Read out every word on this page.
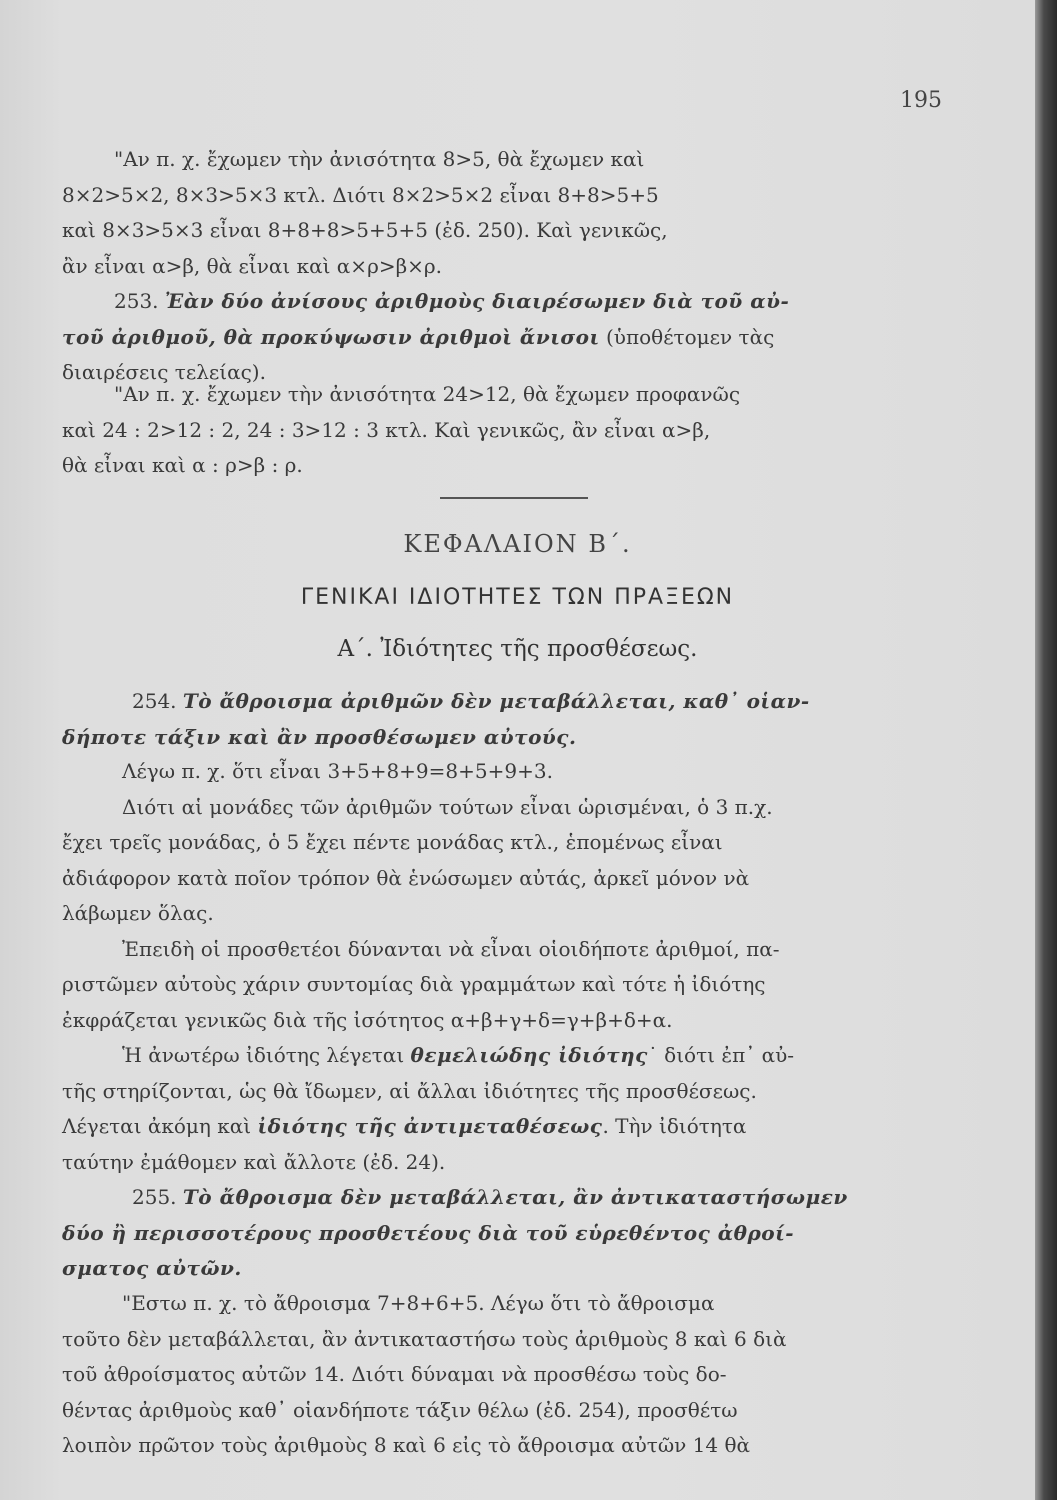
195
"Αν π. χ. ἔχωμεν τὴν ἀνισότητα 8>5, θὰ ἔχωμεν καὶ
8×2>5×2, 8×3>5×3 κτλ. Διότι 8×2>5×2 εἶναι 8+8>5+5
καὶ 8×3>5×3 εἶναι 8+8+8>5+5+5 (ἐδ. 250). Καὶ γενικῶς,
ἂν εἶναι α>β, θὰ εἶναι καὶ α×ρ>β×ρ.
253. Ἐὰν δύο ἀνίσους ἀριθμοὺς διαιρέσωμεν διὰ τοῦ αὐ-
τοῦ ἀριθμοῦ, θὰ προκύψωσιν ἀριθμοὶ ἄνισοι (ὑποθέτομεν τὰς
διαιρέσεις τελείας).
"Αν π. χ. ἔχωμεν τὴν ἀνισότητα 24>12, θὰ ἔχωμεν προφανῶς
καὶ 24 : 2>12 : 2, 24 : 3>12 : 3 κτλ. Καὶ γενικῶς, ἂν εἶναι α>β,
θὰ εἶναι καὶ α : ρ>β : ρ.
ΚΕΦΑΛΑΙΟΝ Β΄.
ΓΕΝΙΚΑΙ ΙΔΙΟΤΗΤΕΣ ΤΩΝ ΠΡΑΞΕΩΝ
Α΄. Ἰδιότητες τῆς προσθέσεως.
254. Τὸ ἄθροισμα ἀριθμῶν δὲν μεταβάλλεται, καθ᾽ οἱαν-
δήποτε τάξιν καὶ ἂν προσθέσωμεν αὐτούς.
Λέγω π. χ. ὅτι εἶναι 3+5+8+9=8+5+9+3.
Διότι αἱ μονάδες τῶν ἀριθμῶν τούτων εἶναι ὡρισμέναι, ὁ 3 π.χ.
ἔχει τρεῖς μονάδας, ὁ 5 ἔχει πέντε μονάδας κτλ., ἑπομένως εἶναι
ἀδιάφορον κατὰ ποῖον τρόπον θὰ ἑνώσωμεν αὐτάς, ἀρκεῖ μόνον νὰ
λάβωμεν ὅλας.
Ἐπειδὴ οἱ προσθετέοι δύνανται νὰ εἶναι οἱοιδήποτε ἀριθμοί, πα-
ριστῶμεν αὐτοὺς χάριν συντομίας διὰ γραμμάτων καὶ τότε ἡ ἰδιότης
ἐκφράζεται γενικῶς διὰ τῆς ἰσότητος α+β+γ+δ=γ+β+δ+α.
Ἡ ἀνωτέρω ἰδιότης λέγεται θεμελιώδης ἰδιότης˙ διότι ἐπ᾽ αὐ-
τῆς στηρίζονται, ὡς θὰ ἴδωμεν, αἱ ἄλλαι ἰδιότητες τῆς προσθέσεως.
Λέγεται ἀκόμη καὶ ἰδιότης τῆς ἀντιμεταθέσεως. Τὴν ἰδιότητα
ταύτην ἐμάθομεν καὶ ἄλλοτε (ἐδ. 24).
255. Τὸ ἄθροισμα δὲν μεταβάλλεται, ἂν ἀντικαταστήσωμεν
δύο ἢ περισσοτέρους προσθετέους διὰ τοῦ εὑρεθέντος ἀθροί-
σματος αὐτῶν.
"Εστω π. χ. τὸ ἄθροισμα 7+8+6+5. Λέγω ὅτι τὸ ἄθροισμα
τοῦτο δὲν μεταβάλλεται, ἂν ἀντικαταστήσω τοὺς ἀριθμοὺς 8 καὶ 6 διὰ
τοῦ ἀθροίσματος αὐτῶν 14. Διότι δύναμαι νὰ προσθέσω τοὺς δο-
θέντας ἀριθμοὺς καθ᾽ οἱανδήποτε τάξιν θέλω (ἐδ. 254), προσθέτω
λοιπὸν πρῶτον τοὺς ἀριθμοὺς 8 καὶ 6 εἰς τὸ ἄθροισμα αὐτῶν 14 θὰ
